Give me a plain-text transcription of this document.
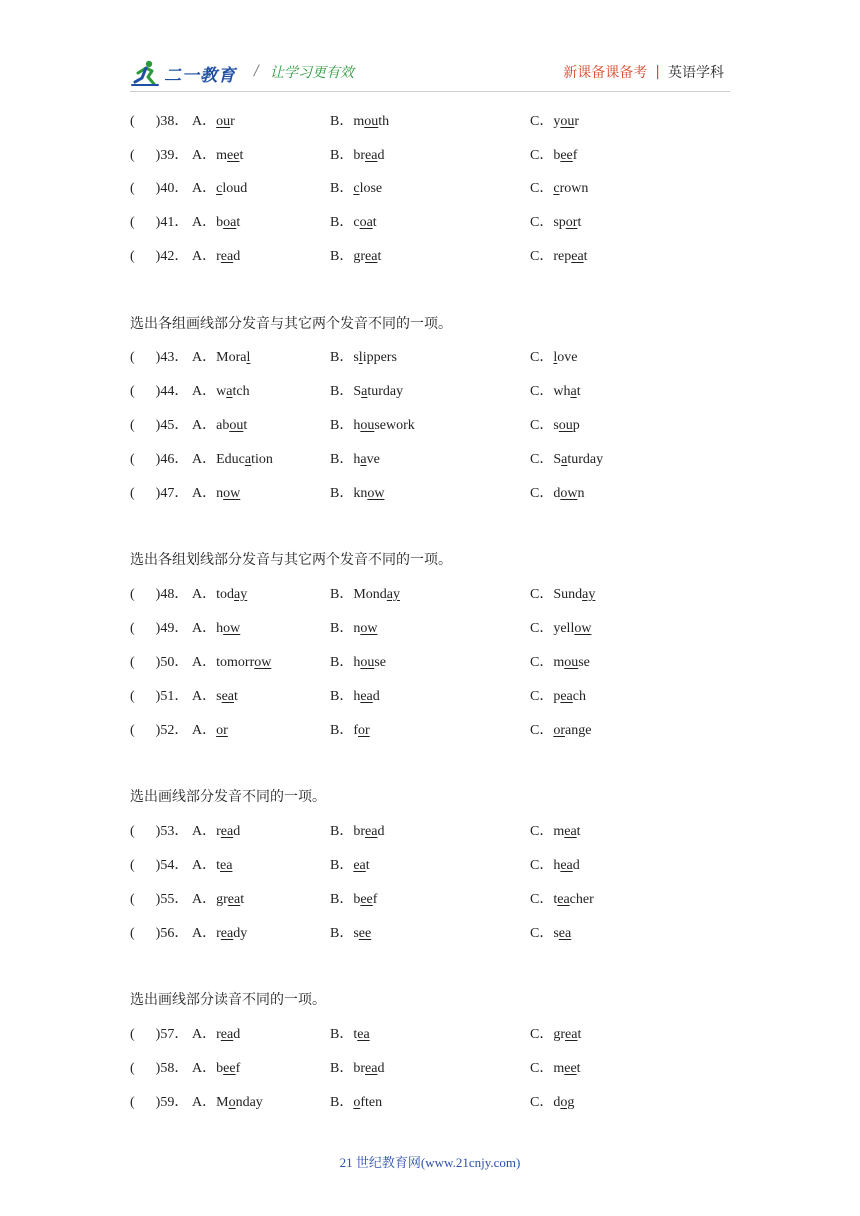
二一教育 / 让学习更有效	新课备课备考 | 英语学科
(      )38． A．our	B．mouth	C．your
(      )39． A．meet	B．bread	C．beef
(      )40． A．cloud	B．close	C．crown
(      )41． A．boat	B．coat	C．sport
(      )42． A．read	B．great	C．repeat
选出各组画线部分发音与其它两个发音不同的一项。
(      )43． A．Moral	B．slippers	C．love
(      )44． A．watch	B．Saturday	C．what
(      )45． A．about	B．housework	C．soup
(      )46． A．Education	B．have	C．Saturday
(      )47． A．now	B．know	C．down
选出各组划线部分发音与其它两个发音不同的一项。
(      )48． A．today	B．Monday	C．Sunday
(      )49． A．how	B．now	C．yellow
(      )50． A．tomorrow	B．house	C．mouse
(      )51． A．seat	B．head	C．peach
(      )52． A．or	B．for	C．orange
选出画线部分发音不同的一项。
(      )53． A．read	B．bread	C．meat
(      )54． A．tea	B．eat	C．head
(      )55． A．great	B．beef	C．teacher
(      )56． A．ready	B．see	C．sea
选出画线部分读音不同的一项。
(      )57． A．read	B．tea	C．great
(      )58． A．beef	B．bread	C．meet
(      )59． A．Monday	B．often	C．dog
21 世纪教育网(www.21cnjy.com)
